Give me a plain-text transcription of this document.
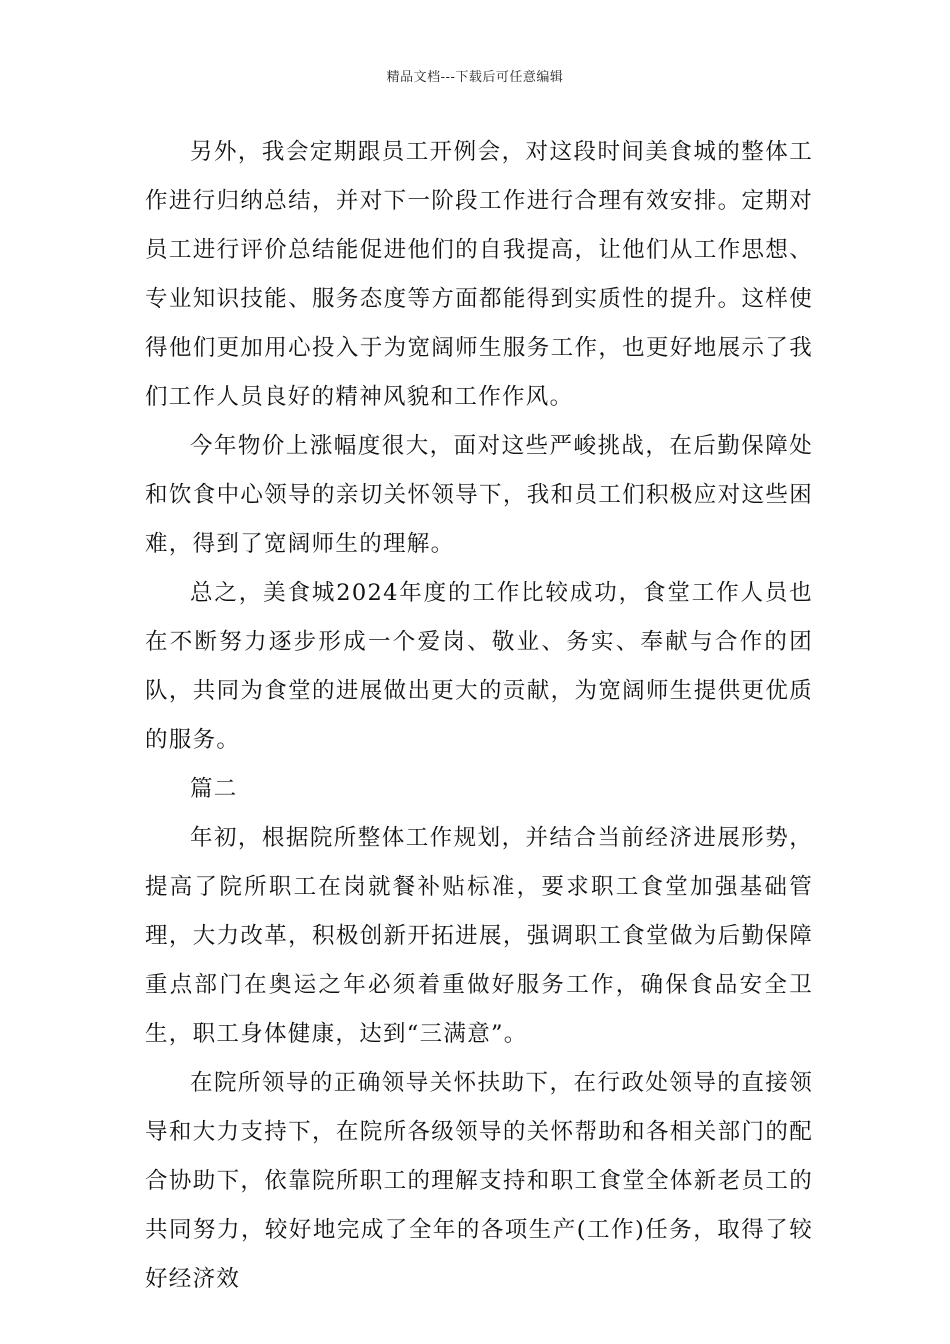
精品文档---下载后可任意编辑

另外，我会定期跟员工开例会，对这段时间美食城的整体工作进行归纳总结，并对下一阶段工作进行合理有效安排。定期对员工进行评价总结能促进他们的自我提高，让他们从工作思想、专业知识技能、服务态度等方面都能得到实质性的提升。这样使得他们更加用心投入于为宽阔师生服务工作，也更好地展示了我们工作人员良好的精神风貌和工作作风。

今年物价上涨幅度很大，面对这些严峻挑战，在后勤保障处和饮食中心领导的亲切关怀领导下，我和员工们积极应对这些困难，得到了宽阔师生的理解。

总之，美食城2024年度的工作比较成功，食堂工作人员也在不断努力逐步形成一个爱岗、敬业、务实、奉献与合作的团队，共同为食堂的进展做出更大的贡献，为宽阔师生提供更优质的服务。

篇二

年初，根据院所整体工作规划，并结合当前经济进展形势，提高了院所职工在岗就餐补贴标准，要求职工食堂加强基础管理，大力改革，积极创新开拓进展，强调职工食堂做为后勤保障重点部门在奥运之年必须着重做好服务工作，确保食品安全卫生，职工身体健康，达到“三满意”。

在院所领导的正确领导关怀扶助下，在行政处领导的直接领导和大力支持下，在院所各级领导的关怀帮助和各相关部门的配合协助下，依靠院所职工的理解支持和职工食堂全体新老员工的共同努力，较好地完成了全年的各项生产(工作)任务，取得了较好经济效
